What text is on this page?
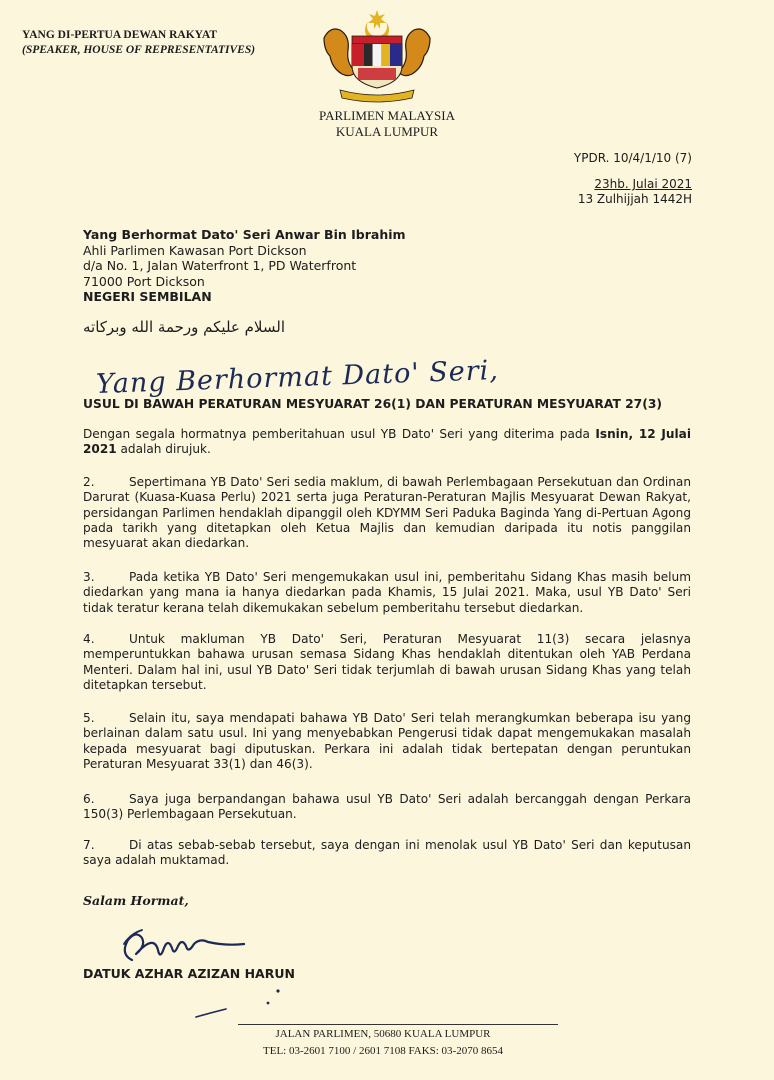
YANG DI-PERTUA DEWAN RAKYAT
(SPEAKER, HOUSE OF REPRESENTATIVES)
PARLIMEN MALAYSIA
KUALA LUMPUR
YPDR. 10/4/1/10 (7)
23hb. Julai 2021
13 Zulhijjah 1442H
Yang Berhormat Dato' Seri Anwar Bin Ibrahim
Ahli Parlimen Kawasan Port Dickson
d/a No. 1, Jalan Waterfront 1, PD Waterfront
71000 Port Dickson
NEGERI SEMBILAN
السلام عليكم ورحمة الله وبركاته
Yang Berhormat Dato' Seri,
USUL DI BAWAH PERATURAN MESYUARAT 26(1) DAN PERATURAN MESYUARAT 27(3)
Dengan segala hormatnya pemberitahuan usul YB Dato' Seri yang diterima pada Isnin, 12 Julai 2021 adalah dirujuk.
2.	Sepertimana YB Dato' Seri sedia maklum, di bawah Perlembagaan Persekutuan dan Ordinan Darurat (Kuasa-Kuasa Perlu) 2021 serta juga Peraturan-Peraturan Majlis Mesyuarat Dewan Rakyat, persidangan Parlimen hendaklah dipanggil oleh KDYMM Seri Paduka Baginda Yang di-Pertuan Agong pada tarikh yang ditetapkan oleh Ketua Majlis dan kemudian daripada itu notis panggilan mesyuarat akan diedarkan.
3.	Pada ketika YB Dato' Seri mengemukakan usul ini, pemberitahu Sidang Khas masih belum diedarkan yang mana ia hanya diedarkan pada Khamis, 15 Julai 2021. Maka, usul YB Dato' Seri tidak teratur kerana telah dikemukakan sebelum pemberitahu tersebut diedarkan.
4.	Untuk makluman YB Dato' Seri, Peraturan Mesyuarat 11(3) secara jelasnya memperuntukkan bahawa urusan semasa Sidang Khas hendaklah ditentukan oleh YAB Perdana Menteri. Dalam hal ini, usul YB Dato' Seri tidak terjumlah di bawah urusan Sidang Khas yang telah ditetapkan tersebut.
5.	Selain itu, saya mendapati bahawa YB Dato' Seri telah merangkumkan beberapa isu yang berlainan dalam satu usul. Ini yang menyebabkan Pengerusi tidak dapat mengemukakan masalah kepada mesyuarat bagi diputuskan. Perkara ini adalah tidak bertepatan dengan peruntukan Peraturan Mesyuarat 33(1) dan 46(3).
6.	Saya juga berpandangan bahawa usul YB Dato' Seri adalah bercanggah dengan Perkara 150(3) Perlembagaan Persekutuan.
7.	Di atas sebab-sebab tersebut, saya dengan ini menolak usul YB Dato' Seri dan keputusan saya adalah muktamad.
Salam Hormat,
DATUK AZHAR AZIZAN HARUN
JALAN PARLIMEN, 50680 KUALA LUMPUR
TEL: 03-2601 7100 / 2601 7108 FAKS: 03-2070 8654
